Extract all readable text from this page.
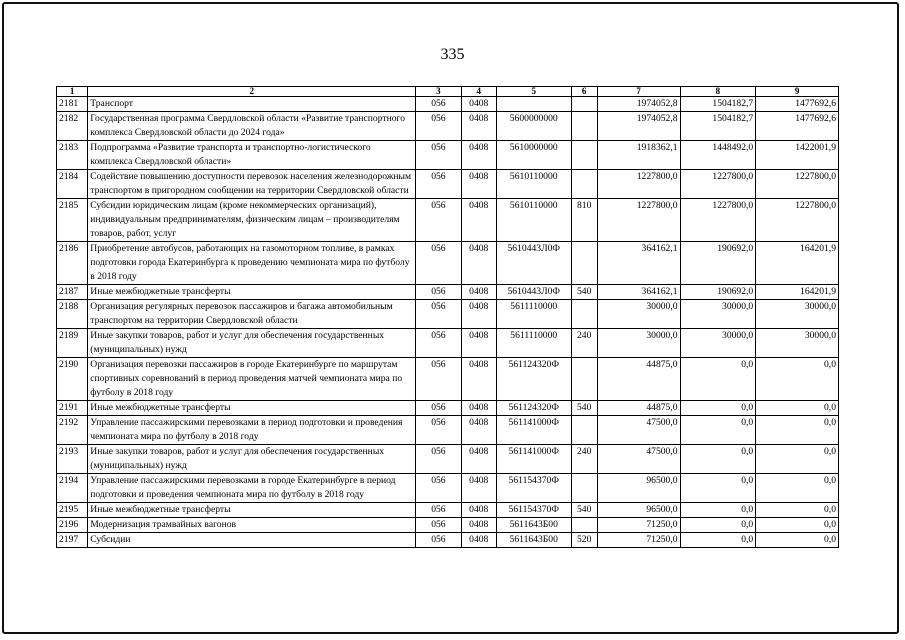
335
1	2	3	4	5	6	7	8	9
2181	Транспорт	056	0408			1974052,8	1504182,7	1477692,6
2182	Государственная программа Свердловской области «Развитие транспортного комплекса Свердловской области до 2024 года»	056	0408	5600000000		1974052,8	1504182,7	1477692,6
2183	Подпрограмма «Развитие транспорта и транспортно-логистического комплекса Свердловской области»	056	0408	5610000000		1918362,1	1448492,0	1422001,9
2184	Содействие повышению доступности перевозок населения железнодорожным транспортом в пригородном сообщении на территории Свердловской области	056	0408	5610110000		1227800,0	1227800,0	1227800,0
2185	Субсидии юридическим лицам (кроме некоммерческих организаций), индивидуальным предпринимателям, физическим лицам – производителям товаров, работ, услуг	056	0408	5610110000	810	1227800,0	1227800,0	1227800,0
2186	Приобретение автобусов, работающих на газомоторном топливе, в рамках подготовки города Екатеринбурга к проведению чемпионата мира по футболу в 2018 году	056	0408	5610443Л0Ф		364162,1	190692,0	164201,9
2187	Иные межбюджетные трансферты	056	0408	5610443Л0Ф	540	364162,1	190692,0	164201,9
2188	Организация регулярных перевозок пассажиров и багажа автомобильным транспортом на территории Свердловской области	056	0408	5611110000		30000,0	30000,0	30000,0
2189	Иные закупки товаров, работ и услуг для обеспечения государственных (муниципальных) нужд	056	0408	5611110000	240	30000,0	30000,0	30000,0
2190	Организация перевозки пассажиров в городе Екатеринбурге по маршрутам спортивных соревнований в период проведения матчей чемпионата мира по футболу в 2018 году	056	0408	561124320Ф		44875,0	0,0	0,0
2191	Иные межбюджетные трансферты	056	0408	561124320Ф	540	44875,0	0,0	0,0
2192	Управление пассажирскими перевозками в период подготовки и проведения чемпионата мира по футболу в 2018 году	056	0408	561141000Ф		47500,0	0,0	0,0
2193	Иные закупки товаров, работ и услуг для обеспечения государственных (муниципальных) нужд	056	0408	561141000Ф	240	47500,0	0,0	0,0
2194	Управление пассажирскими перевозками в городе Екатеринбурге в период подготовки и проведения чемпионата мира по футболу в 2018 году	056	0408	561154370Ф		96500,0	0,0	0,0
2195	Иные межбюджетные трансферты	056	0408	561154370Ф	540	96500,0	0,0	0,0
2196	Модернизация трамвайных вагонов	056	0408	5611643Б00		71250,0	0,0	0,0
2197	Субсидии	056	0408	5611643Б00	520	71250,0	0,0	0,0
